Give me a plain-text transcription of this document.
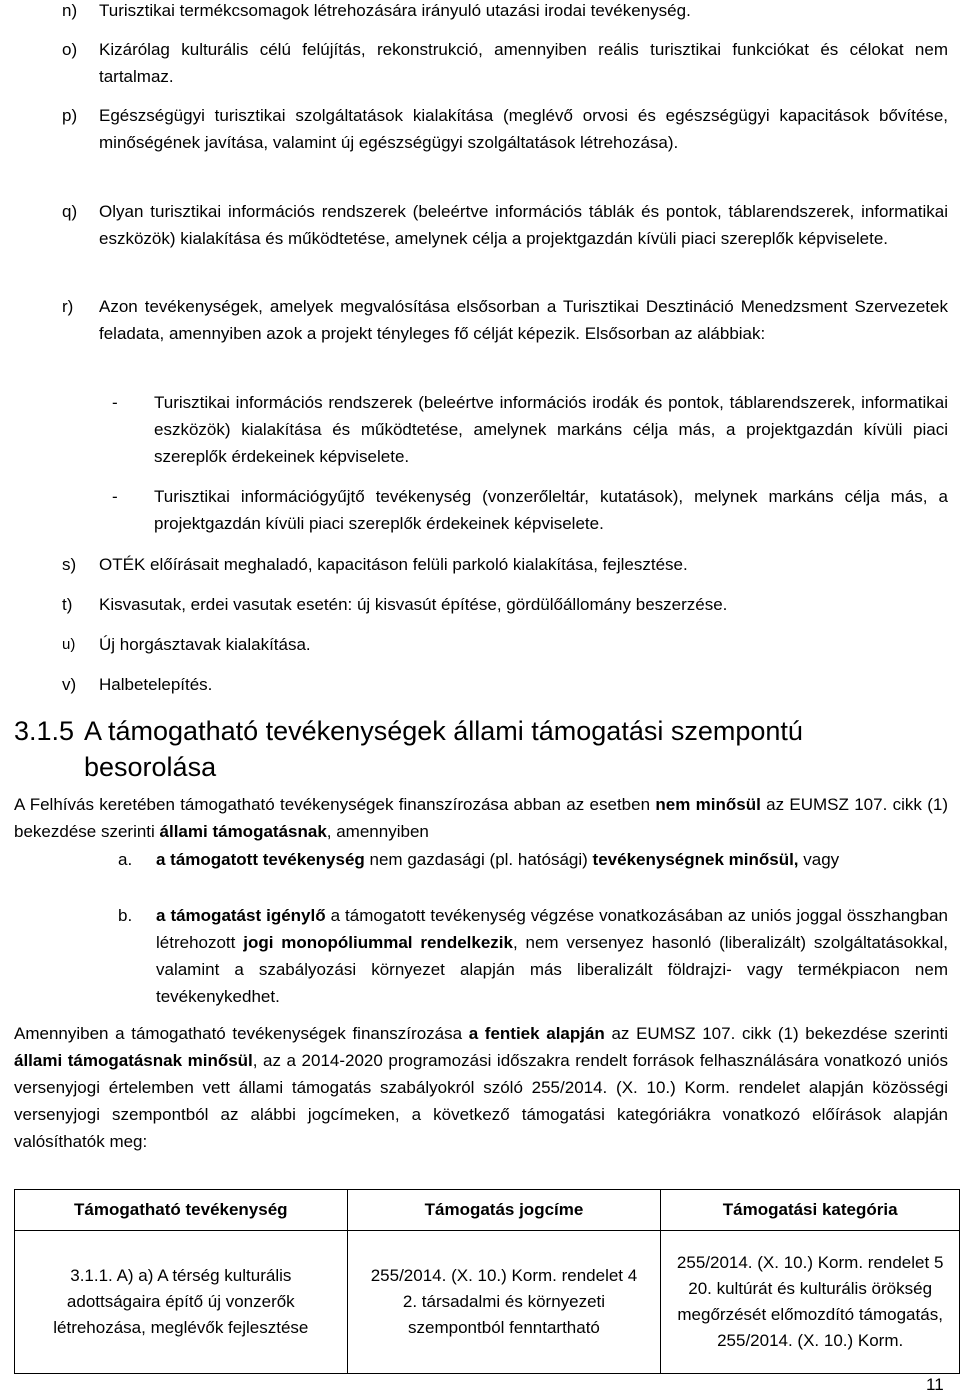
n) Turisztikai termékcsomagok létrehozására irányuló utazási irodai tevékenység.
o) Kizárólag kulturális célú felújítás, rekonstrukció, amennyiben reális turisztikai funkciókat és célokat nem tartalmaz.
p) Egészségügyi turisztikai szolgáltatások kialakítása (meglévő orvosi és egészségügyi kapacitások bővítése, minőségének javítása, valamint új egészségügyi szolgáltatások létrehozása).
q) Olyan turisztikai információs rendszerek (beleértve információs táblák és pontok, táblarendszerek, informatikai eszközök) kialakítása és működtetése, amelynek célja a projektgazdán kívüli piaci szereplők képviselete.
r) Azon tevékenységek, amelyek megvalósítása elsősorban a Turisztikai Desztináció Menedzsment Szervezetek feladata, amennyiben azok a projekt tényleges fő célját képezik. Elsősorban az alábbiak:
- Turisztikai információs rendszerek (beleértve információs irodák és pontok, táblarendszerek, informatikai eszközök) kialakítása és működtetése, amelynek markáns célja más, a projektgazdán kívüli piaci szereplők érdekeinek képviselete.
- Turisztikai információgyűjtő tevékenység (vonzerőleltár, kutatások), melynek markáns célja más, a projektgazdán kívüli piaci szereplők érdekeinek képviselete.
s) OTÉK előírásait meghaladó, kapacitáson felüli parkoló kialakítása, fejlesztése.
t) Kisvasutak, erdei vasutak esetén: új kisvasút építése, gördülőállomány beszerzése.
u) Új horgásztavak kialakítása.
v) Halbetelepítés.
3.1.5 A támogatható tevékenységek állami támogatási szempontú
besorolása
A Felhívás keretében támogatható tevékenységek finanszírozása abban az esetben nem minősül az EUMSZ 107. cikk (1) bekezdése szerinti állami támogatásnak, amennyiben
a. a támogatott tevékenység nem gazdasági (pl. hatósági) tevékenységnek minősül, vagy
b. a támogatást igénylő a támogatott tevékenység végzése vonatkozásában az uniós joggal összhangban létrehozott jogi monopóliummal rendelkezik, nem versenyez hasonló (liberalizált) szolgáltatásokkal, valamint a szabályozási környezet alapján más liberalizált földrajzi- vagy termékpiacon nem tevékenykedhet.
Amennyiben a támogatható tevékenységek finanszírozása a fentiek alapján az EUMSZ 107. cikk (1) bekezdése szerinti állami támogatásnak minősül, az a 2014-2020 programozási időszakra rendelt források felhasználására vonatkozó uniós versenyjogi értelemben vett állami támogatás szabályokról szóló 255/2014. (X. 10.) Korm. rendelet alapján közösségi versenyjogi szempontból az alábbi jogcímeken, a következő támogatási kategóriákra vonatkozó előírások alapján valósíthatók meg:
Támogatható tevékenység	Támogatás jogcíme	Támogatási kategória

3.1.1. A) a) A térség kulturális adottságaira építő új vonzerők létrehozása, meglévők fejlesztése	255/2014. (X. 10.) Korm. rendelet 4 2. társadalmi és környezeti szempontból fenntartható	255/2014. (X. 10.) Korm. rendelet 5 20. kultúrát és kulturális örökség megőrzését előmozdító támogatás, 255/2014. (X. 10.) Korm.
11
